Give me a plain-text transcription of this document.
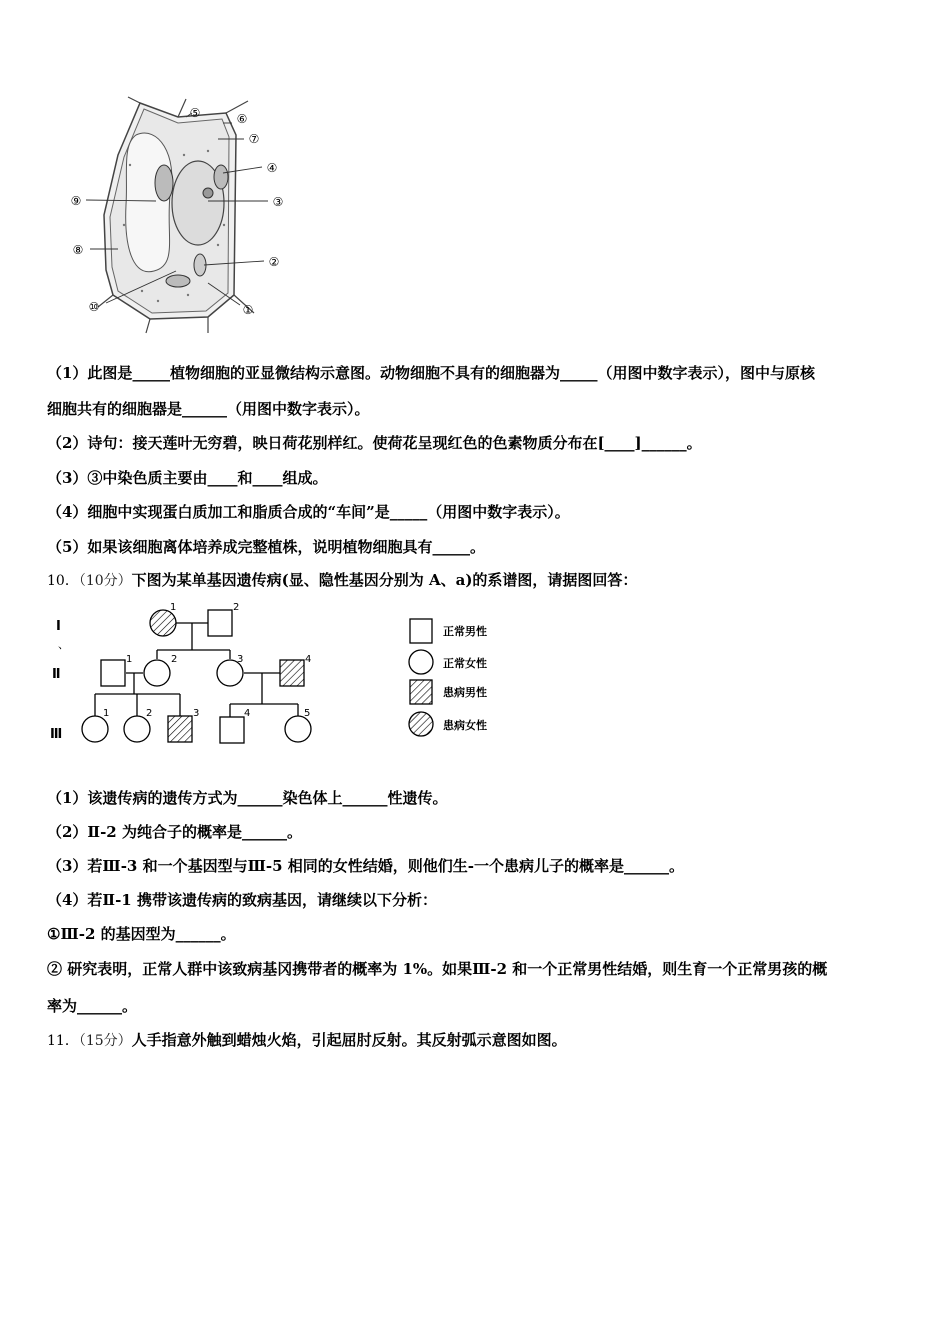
⑤	⑥
⑦
④
③
②
①
⑨
⑧
⑩
（1）此图是_____植物细胞的亚显微结构示意图。动物细胞不具有的细胞器为_____（用图中数字表示），图中与原核
细胞共有的细胞器是______（用图中数字表示）。
（2）诗句：接天莲叶无穷碧，映日荷花别样红。使荷花呈现红色的色素物质分布在[____]______。
（3）③中染色质主要由____和____组成。
（4）细胞中实现蛋白质加工和脂质合成的“车间”是_____（用图中数字表示）。
（5）如果该细胞离体培养成完整植株，说明植物细胞具有_____。
10．（10分）下图为某单基因遗传病(显、隐性基因分别为 A、a)的系谱图，请据图回答：
I
、
Ⅱ
Ⅲ
1	2
1	2	3	4
1	2	3	4	5
正常男性
正常女性
患病男性
患病女性
（1）该遗传病的遗传方式为______染色体上______性遗传。
（2）Ⅱ-2 为纯合子的概率是______。
（3）若Ⅲ-3 和一个基因型与Ⅲ-5 相同的女性结婚，则他们生-一个患病儿子的概率是______。
（4）若Ⅱ-1 携带该遗传病的致病基因，请继续以下分析：
①Ⅲ-2 的基因型为______。
② 研究表明，正常人群中该致病基冈携带者的概率为 1%。如果Ⅲ-2 和一个正常男性结婚，则生育一个正常男孩的概
率为______。
11．（15分）人手指意外触到蜡烛火焰，引起屈肘反射。其反射弧示意图如图。
